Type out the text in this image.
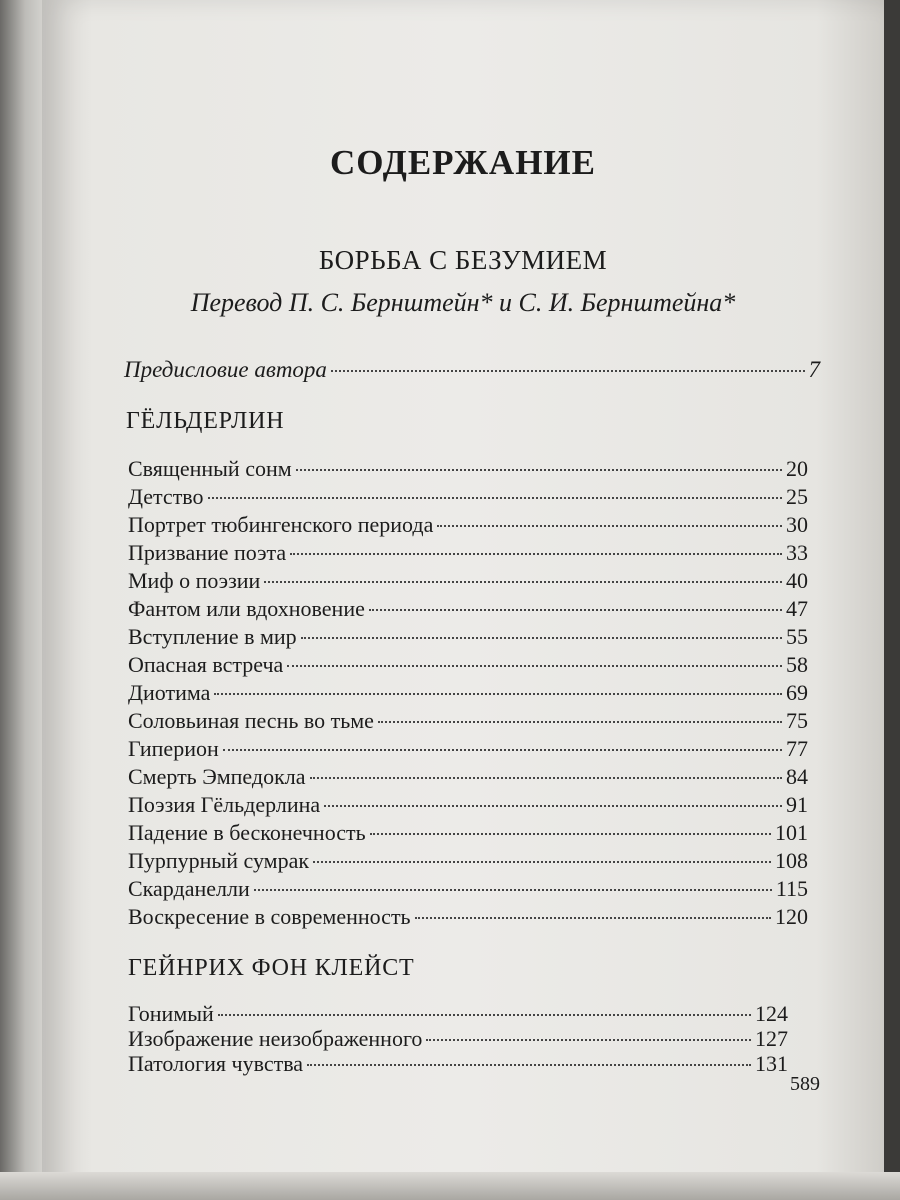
СОДЕРЖАНИЕ
БОРЬБА С БЕЗУМИЕМ
Перевод П. С. Бернштейн* и С. И. Бернштейна*
Предисловие автора	7
ГЁЛЬДЕРЛИН
Священный сонм	20
Детство	25
Портрет тюбингенского периода	30
Призвание поэта	33
Миф о поэзии	40
Фантом или вдохновение	47
Вступление в мир	55
Опасная встреча	58
Диотима	69
Соловьиная песнь во тьме	75
Гиперион	77
Смерть Эмпедокла	84
Поэзия Гёльдерлина	91
Падение в бесконечность	101
Пурпурный сумрак	108
Скарданелли	115
Воскресение в современность	120
ГЕЙНРИХ ФОН КЛЕЙСТ
Гонимый	124
Изображение неизображенного	127
Патология чувства	131
589
